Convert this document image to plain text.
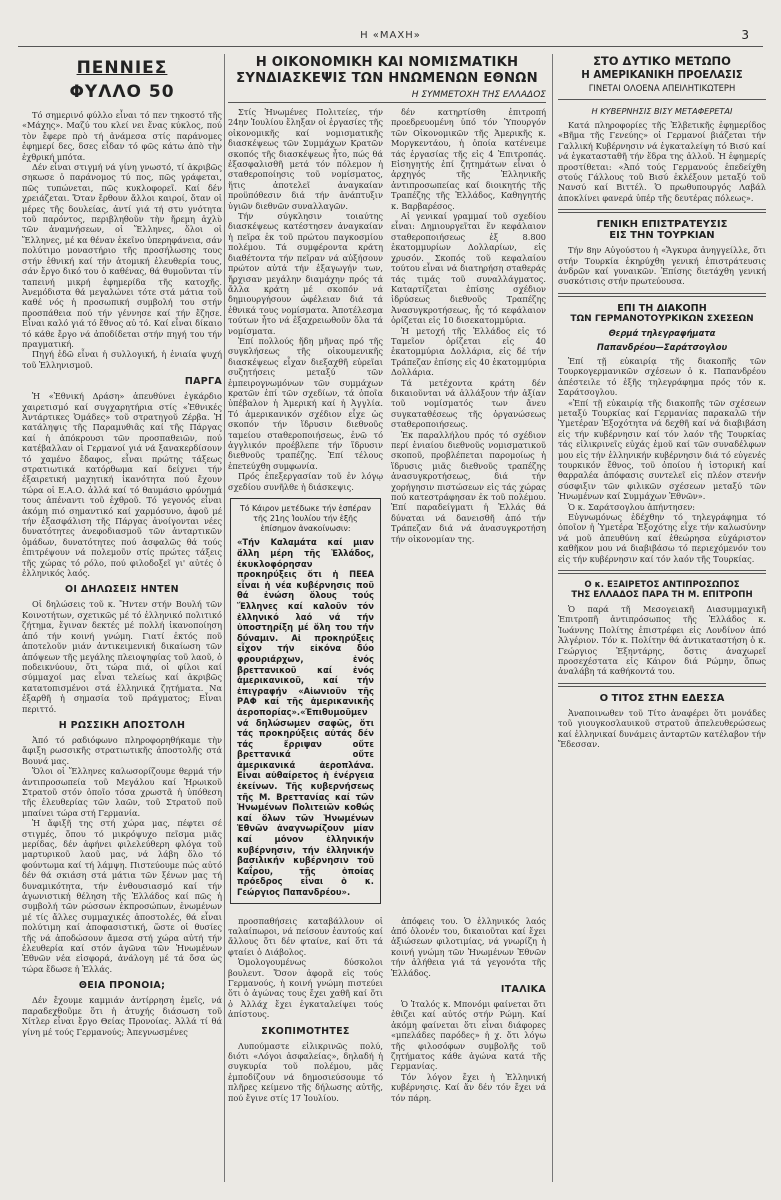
Η «ΜΑΧΗ»	3
ΠΕΝΝΙΕΣ
ΦΥΛΛΟ 50

Τό σημερινό φύλλο εἶναι τό πεν τηκοστό τῆς «Μάχης». Μαζύ του κλεί νει ἕνας κύκλος, πού τὸν ἔφερε πρὸ τή ἀνάμεσα στίς παράνομες ἐφημερί δες, δσες εἶδαν τό φῶς κάτω ἀπὸ τὴν ἐχθρική μπότα.

Δέν εἶναι στιγμή νά γίνη γνωστό, τί ἀκριβῶς σηκωσε ὁ παράνομος τύ πος, πῶς γράφεται, πῶς τυπώνεται, πῶς κυκλοφορεῖ. Καί δέν χρειάζεται. Ὅταν ἔρθουν ἄλλοι καιροί, ὅταν οἱ μέρες τῆς δουλείας, ἀντί γιά τή στυ γνότητα τοῦ παρόντος, περιβληθοῦν τὴν ἤρεμη ἀχλὺ τῶν ἀναμνήσεων, οἱ Ἕλληνες, ὅλοι οἱ Ἕλληνες, μέ κα θέναν ἐκεῖνο ὑπερηφάνεια, σάν πολύτιμο μοναστήριο τῆς προσήλωσης τους στήν ἐθνική καί τήν ἀτομική ἐλευθερία τους, σάν ἔργο δικό του ὁ καθένας, θά θυμοῦνται τίν ταπεινή μικρή ἐφημερίδα τῆς κατοχῆς. Ἀνεμόδιστα θά μεγαλώνει τότε στά μάτια τοῦ καθέ νός ἡ προσωπική συμβολή του στήν προσπάθεια πού τήν γέννησε καί τήν ἔζησε. Εἶναι καλό γιά τό ἔθνος αὐ τό. Καί εἶναι δίκαιο τό κάθε ἔργο νά ἀποδίδεται στήν πηγή του τήν πραγματική.

Πηγή ἐδῶ εἶναι ἡ συλλογική, ἡ ἐνιαία ψυχή τοῦ Ἑλληνισμοῦ.

ΠΑΡΓΑ

Ἡ «Ἐθνική Δράση» ἀπευθύνει ἐγκάρδιο χαιρετισμό καί συγχαρητήρια στίς «Ἐθνικές Ἀντάρτικες Ὁμάδες» τοῦ στρατηγοῦ Ζέρβα. Ἡ κατάληψις τῆς Παραμυθιᾶς καί τῆς Πάργας καί ἡ ἀπόκρουσι τῶν προσπαθειῶν, πού κατέβαλλαν οἱ Γερμανοί γιά νά ξανακερδίσουν τό χαμένο ἔδαφος, εἶναι πρώτης τάξεως στρατιωτικά κατόρθωμα καί δείχνει τήν ἐξαιρετική μαχητική ἱκανότητα πού ἔχουν τώρα οἱ Ε.Α.Ο. ἀλλά καί τό θαυμάσιο φρόνημά τους ἀπέναντι τοῦ ἐχθροῦ. Τό γεγονός εἶναι ἀκόμη πιό σημαντικό καί χαρμόσυνο, ἀφοῦ μέ τήν ἐξασφάλιση τῆς Πάργας ἀνοίγονται νέες δυνατότητες ἀνεφοδιασμοῦ τῶν ἀνταρτικῶν ὁμάδων, δυνατότητες πού ἀσφαλῶς θά τούς ἐπιτρέψουν νά πολεμοῦν στίς πρώτες τάξεις τῆς χώρας τό ρόλο, πού φιλοδοξεῖ γι' αὐτές ὁ ἑλληνικός λαός.

ΟΙ ΔΗΛΩΣΕΙΣ ΗΝΤΕΝ

Οἱ δηλώσεις τοῦ κ. Ἤντεν στήν Βουλή τῶν Κοινοτήτων, σχετικῶς μέ τό ἑλληνικό πολιτικό ζήτημα, ἔγιναν δεκτές μέ πολλή ἱκανοποίηση ἀπό τήν κοινή γνώμη. Γιατί ἐκτός ποῦ ἀποτελοῦν μιάν ἀντικειμενική δικαίωση τῶν ἀπόψεων τῆς μεγάλης πλειοψηφίας τοῦ λαοῦ, ὁ ποδεικνύουν, ὅτι τώρα πιά, οἱ φίλοι καί σύμμαχοί μας εἶναι τελείως καί ἀκριβῶς κατατοπισμένοι στά ἑλληνικά ζητήματα. Να ἐξαρθῆ ἡ σημασία τοῦ πράγματος; Εἶναι περιττό.

Η ΡΩΣΣΙΚΗ ΑΠΟΣΤΟΛΗ

Ἀπό τό ραδιόφωνο πληροφορηθήκαμε τὴν ἄφιξη ρωσσικῆς στρατιωτικῆς ἀποστολῆς στά Βουνά μας.

Ὅλοι οἱ Ἕλληνες καλωσορίζουμε θερμά τήν ἀντιπροσωπεία τοῦ Μεγάλου καί Ἡρωικοῦ Στρατοῦ στόν ὁποῖο τόσα χρωστᾶ ἡ ὑπόθεση τῆς ἐλευθερίας τῶν λαῶν, τοῦ Στρατοῦ ποῦ μπαίνει τώρα στή Γερμανία.

Ἡ ἄφιξῆ της στή χώρα μας, πέφτει σέ στιγμές, ὅπου τό μικρόψυχο πεῖσμα μιᾶς μερίδας, δέν ἀφήνει φιλελεύθερη φλόγα τοῦ μαρτυρικοῦ λαοῦ μας, νά λάβη ὅλο τό φούντωμα καί τή λάμψη. Πιστεύουμε πώς αὐτό δέν θά σκιάση στά μάτια τῶν ξένων μας τή δυναμικότητα, τήν ἐνθουσιασμό καί τήν ἀγωνιστική θέληση τῆς Ἑλλάδος καί πῶς ἡ συμβολή τῶν ρώσσων ἐκπροσώπων, ἑνωμένων μέ τίς ἄλλες συμμαχικές ἀποστολές, θά εἶναι πολύτιμη καί ἀποφασιστική, ὥστε οἱ θυσίες τῆς νά ἀποδώσουν ἄμεσα στή χώρα αὐτή τήν ἐλευθερία καί στόν ἀγῶνα τῶν Ἡνωμένων Ἐθνῶν νέα εἰσφορά, ἀνάλογη μέ τά ὅσα ὡς τώρα ἔδωσε ἡ Ἑλλάς.

ΘΕΙΑ ΠΡΟΝΟΙΑ;

Δέν ἔχουμε καμμιάν ἀντίρρηση ἐμεῖς, νά παραδεχθοῦμε ὅτι ἡ ἀτυχής διάσωση τοῦ Χίτλερ εἶναι ἔργο Θείας Προνοίας. Ἀλλά τί θά γίνη μέ τούς Γερμανούς; Ἀπεγνωσμένες

Η ΟΙΚΟΝΟΜΙΚΗ ΚΑΙ ΝΟΜΙΣΜΑΤΙΚΗ
ΣΥΝΔΙΑΣΚΕΨΙΣ ΤΩΝ ΗΝΩΜΕΝΩΝ ΕΘΝΩΝ
Η ΣΥΜΜΕΤΟΧΗ ΤΗΣ ΕΛΛΑΔΟΣ

Στίς Ἡνωμένες Πολιτείες, τήν 24ην Ἰουλίου ἔληξαν οἱ ἐργασίες τῆς οἰκονομικῆς καί νομισματικῆς διασκέψεως τῶν Συμμάχων Κρατῶν σκοπός τῆς διασκέψεως ἦτο, πώς θά ἐξασφαλισθῆ μετά τόν πόλεμον ἡ σταθεροποίησις τοῦ νομίσματος, ἥτις ἀποτελεῖ ἀναγκαίαν προϋπόθεσιν διά τήν ἀνάπτυξιν ὑγιῶν διεθνῶν συναλλαγῶν.

Τήν σύγκλησιν τοιαύτης διασκέψεως κατέστησεν ἀναγκαίαν ἡ πεῖρα ἐκ τοῦ πρώτου παγκοσμίου πολέμου. Τά συμφέροντα κράτη διαθέτοντα τήν πεῖραν νά αὐξήσουν πρώτον αὐτά τήν ἐξαγωγήν των, ἤρχισαν μεγάλην διαμάχην πρός τά ἄλλα κράτη μέ σκοπόν νά δημιουργήσουν ὠφέλειαν διά τά ἐθνικά τους νομίσματα. Ἀποτέλεσμα τούτων ἦτο νά ἐξαχρειωθοῦν ὅλα τά νομίσματα.

Ἐπί πολλούς ἤδη μῆνας πρό τῆς συγκλήσεως τῆς οἰκουμενικῆς διασκέψεως εἶχαν διεξαχθῆ εὐρεῖαι συζητήσεις μεταξύ τῶν ἐμπειρογνωμόνων τῶν συμμάχων κρατῶν ἐπί τῶν σχεδίων, τά ὁποῖα ὑπέβαλον ἡ Ἀμερική καί ἡ Ἀγγλία. Τό ἀμερικανικόν σχέδιον εἶχε ὡς σκοπόν τήν ἵδρυσιν διεθνοῦς ταμείου σταθεροποιήσεως, ἐνῶ τό ἀγγλικόν προέβλεπε τήν ἵδρυσιν διεθνοῦς τραπέζης. Ἐπί τέλους ἐπετεύχθη συμφωνία.

Πρός ἐπεξεργασίαν τοῦ ἐν λόγῳ σχεδίου συνῆλθε ἡ διάσκεψις.

Τό Κάιρον μετέδωκε τήν ἑσπέραν τῆς 21ης Ἰουλίου τήν ἑξῆς ἐπίσημον ἀνακοίνωσιν:
«Τήν Καλαμάτα καί μιαν ἄλλη μέρη τῆς Ἑλλάδος, ἐκυκλοφόρησαν προκηρύξεις ὅτι ἡ ΠΕΕΑ εἶναι ἡ νέα κυβέρνησις ποῦ θά ἑνώση ὅλους τούς Ἕλληνες καί καλοῦν τόν ἑλληνικό λαό νά τήν ὑποστηρίξη μέ ὅλη του τήν δύναμιν. Αἱ προκηρύξεις εἶχον τήν εἰκόνα δύο φρουριάρχων, ἑνός βρεττανικοῦ καί ἑνός ἀμερικανικοῦ, καί τήν ἐπιγραφήν «Αἰωνιοῦν τῆς ΡΑΦ καί τῆς ἀμερικανικῆς ἀεροπορίας».«Ἐπιθυμοῦμεν νά δηλώσωμεν σαφῶς, ὅτι τάς προκηρύξεις αὐτάς δέν τάς ἔρριψαν οὔτε βρεττανικά οὔτε ἀμερικανικά ἀεροπλάνα. Εἶναι αὐθαίρετος ἡ ἐνέργεια ἐκείνων. Τῆς κυβερνήσεως τῆς Μ. Βρεττανίας καί τῶν Ἡνωμένων Πολιτειῶν κοθώς καί ὅλων τῶν Ἡνωμένων Ἐθνῶν ἀναγνωρίζουν μίαν καί μόνον ἑλληνικήν κυβέρνησιν, τήν ἑλληνικήν βασιλικήν κυβέρνησιν τοῦ Καΐρου, τῆς ὁποίας πρόεδρος εἶναι ὁ κ. Γεώργιος Παπανδρέου».

δέν κατηρτίσθη ἐπιτροπή προεδρευομένη ὑπό τόν Ὑπουργόν τῶν Οἰκονομικῶν τῆς Ἀμερικῆς κ. Μοργκεντάου, ἡ ὁποία κατένειμε τάς ἐργασίας τῆς εἰς 4 Ἐπιτροπάς. Εἰσηγητής ἐπί ζητημάτων εἶναι ὁ ἀρχηγός τῆς Ἑλληνικῆς ἀντιπροσωπείας καί διοικητής τῆς Τραπέζης τῆς Ἑλλάδος, Καθηγητής κ. Βαρβαρέσος.

Αἱ γενικαί γραμμαί τοῦ σχεδίου εἶναι: Δημιουργεῖται ἕν κεφάλαιον σταθεροποιήσεως ἐξ 8.800 ἑκατομμυρίων Δολλαρίων, εἰς χρυσόν. Σκοπός τοῦ κεφαλαίου τούτου εἶναι νά διατηρήση σταθεράς τάς τιμάς τοῦ συναλλάγματος. Καταρτίζεται ἐπίσης σχέδιον ἱδρύσεως διεθνοῦς Τραπέζης Ἀνασυγκροτήσεως, ἧς τό κεφάλαιον ὁρίζεται εἰς 10 δισεκατομμύρια.

Ἡ μετοχή τῆς Ἑλλάδος εἰς τό Ταμεῖον ὁρίζεται εἰς 40 ἑκατομμύρια Δολλάρια, εἰς δέ τήν Τράπεζαν ἐπίσης εἰς 40 ἑκατομμύρια Δολλάρια.

Τά μετέχοντα κράτη δέν δικαιοῦνται νά ἀλλάξουν τήν ἀξίαν τοῦ νομίσματός των ἄνευ συγκαταθέσεως τῆς ὀργανώσεως σταθεροποιήσεως.

Ἐκ παραλλήλου πρός τό σχέδιον περί ἑνιαίου διεθνοῦς νομισματικοῦ σκοποῦ, προβλέπεται παρομοίως ἡ ἵδρυσις μιᾶς διεθνοῦς τραπέζης ἀνασυγκροτήσεως, διά τήν χορήγησιν πιστώσεων εἰς τάς χώρας πού κατεστράφησαν ἐκ τοῦ πολέμου. Ἐπί παραδείγματι ἡ Ἑλλάς θά δύναται νά δανεισθῆ ἀπό τήν Τράπεζαν διά νά ἀνασυγκροτήση τήν οἰκονομίαν της.

προσπαθήσεις καταβάλλουν οἱ ταλαίπωροι, νά πείσουν ἑαυτούς καί ἄλλους ὅτι δέν φταίνε, καί ὅτι τά φταίει ὁ Διάβολος.

Ὁμολογουμένως δύσκολοι βουλευτ. Ὅσον ἀφορᾶ εἰς τούς Γερμανούς, ἡ κοινή γνώμη πιστεύει ὅτι ὁ ἀγώνας τους ἔχει χαθῆ καί ὅτι ὁ Ἀλλάχ ἔχει ἐγκαταλείψει τούς ἀπίστους.

ΣΚΟΠΙΜΟΤΗΤΕΣ

Λυπούμαστε εἰλικρινῶς πολύ, διότι «Λόγοι ἀσφαλείας», δηλαδή ἡ συγκυρία τοῦ πολέμου, μᾶς ἐμποδίζουν νά δημοσιεύσουμε τό πλῆρες κείμενο τῆς δήλωσης αὐτῆς, πού ἔγινε στίς 17 Ἰουλίου.

ἀπόφεις του. Ὁ ἑλληνικός λαός ἀπό ὁλονέν του, δικαιοῦται καί ἔχει ἀξιώσεων φιλοτιμίας, νά γνωρίζη ἡ κοινή γνώμη τῶν Ἡνωμένων Ἐθνῶν τήν ἀλήθεια γιά τά γεγονότα τῆς Ἑλλάδος.

ΙΤΑΛΙΚΑ

Ὁ Ἰταλός κ. Μπονόμι φαίνεται ὅτι ἐθιζει καί αὐτός στήν Ρώμη. Καί ἀκόμη φαίνεται ὅτι εἶναι διάφορες «μπελάδες παρόδες» ἡ χ. ὅτι λόγω τῆς φιλοσόφων συμβολῆς τοῦ ζητήματος κάθε ἀγώνα κατά τῆς Γερμανίας.

Τόν λόγον ἔχει ἡ Ἑλληνική κυβέρνησις. Καί ἄν δέν τόν ἔχει νά τόν πάρη.

ΣΤΟ ΔΥΤΙΚΟ ΜΕΤΩΠΟ
Η ΑΜΕΡΙΚΑΝΙΚΗ ΠΡΟΕΛΑΣΙΣ
ΓΙΝΕΤΑΙ ΟΛΟΕΝΑ ΑΠΕΙΛΗΤΙΚΩΤΕΡΗ
Η ΚΥΒΕΡΝΗΣΙΣ ΒΙΣΥ ΜΕΤΑΦΕΡΕΤΑΙ

Κατά πληροφορίες τῆς Ἐλβετικῆς ἐφημερίδος «Βῆμα τῆς Γενεύης» οἱ Γερμανοί βιάζεται τήν Γαλλική Κυβέρνησιν νά ἐγκαταλείψη τό Βισύ καί νά ἐγκατασταθῆ τήν ἕδρα της ἀλλοῦ. Ἡ ἐφημερίς προστίθεται: «Ἀπό τούς Γερμανούς ἐπεδείχθη στούς Γάλλους τοῦ Βισύ ἐκλέξουν μεταξύ τοῦ Νανσύ καί Βιττέλ. Ὁ πρωθυπουργός Λαβάλ ἀποκλίνει φανερά ὑπέρ τῆς δευτέρας πόλεως».

ΓΕΝΙΚΗ ΕΠΙΣΤΡΑΤΕΥΣΙΣ
ΕΙΣ ΤΗΝ ΤΟΥΡΚΙΑΝ

Τήν 8ην Αὐγούστου ἡ «Ἄγκυρα ἀνηγγείλλε, ὅτι στήν Τουρκία ἐκηρύχθη γενική ἐπιστράτευσις ἀνδρῶν καί γυναικῶν. Ἐπίσης διετάχθη γενική συσκότισις στήν πρωτεύουσα.

ΕΠΙ ΤΗ ΔΙΑΚΟΠΗ
ΤΩΝ ΓΕΡΜΑΝΟΤΟΥΡΚΙΚΩΝ ΣΧΕΣΕΩΝ
Θερμά τηλεγραφήματα
Παπανδρέου—Σαράτσογλου

Ἐπί τῇ εὐκαιρίᾳ τῆς διακοπῆς τῶν Τουρκογερμανικῶν σχέσεων ὁ κ. Παπανδρέου ἀπέστειλε τό ἑξῆς τηλεγράφημα πρός τόν κ. Σαράτσογλου.

«Ἐπί τῇ εὐκαιρίᾳ τῆς διακοπῆς τῶν σχέσεων μεταξύ Τουρκίας καί Γερμανίας παρακαλῶ τήν Ὑμετέραν Ἐξοχότητα νά δεχθῆ καί νά διαβιβάση εἰς τήν κυβέρνησιν καί τόν λαόν τῆς Τουρκίας τάς εἰλικρινεῖς εὐχάς ἐμοῦ καί τῶν συναδέλφων μου εἰς τήν ἑλληνικήν κυβέρνησιν διά τό εὐγενές τουρκικόν ἔθνος, τοῦ ὁποίου ἡ ἱστορική καί θαρραλέα ἀπόφασις συντελεῖ εἰς πλέον στενήν σύσφιξιν τῶν φιλικῶν σχέσεων μεταξύ τῶν Ἡνωμένων καί Συμμάχων Ἐθνῶν».

Ὁ κ. Σαράτσογλου ἀπήντησεν:

Εὐγνωμόνως ἐδέχθην τό τηλεγράφημα τό ὁποῖον ἡ Ὑμετέρα Ἐξοχότης εἶχε τήν καλωσύνην νά μοῦ ἀπευθύνη καί ἐθεώρησα εὐχάριστον καθῆκον μου νά διαβιβάσω τό περιεχόμενόν του εἰς τήν κυβέρνησιν καί τόν λαόν τῆς Τουρκίας.

Ο κ. ΕΞΑΙΡΕΤΟΣ ΑΝΤΙΠΡΟΣΩΠΟΣ
ΤΗΣ ΕΛΛΑΔΟΣ ΠΑΡΑ ΤΗ Μ. ΕΠΙΤΡΟΠΗ

Ὁ παρά τῆ Μεσογειακῆ Διασυμμαχικῆ Ἐπιτροπῆ ἀντιπρόσωπος τῆς Ἑλλάδος κ. Ἰωάννης Πολίτης ἐπιστρέφει εἰς Λονδίνον ἀπό Ἀλγέριον. Τόν κ. Πολίτην θά ἀντικαταστήση ὁ κ. Γεώργιος Ἐξηντάρης, ὅστις ἀναχωρεῖ προσεχέστατα εἰς Κάιρον διά Ρώμην, ὅπως ἀναλάβη τά καθήκοντά του.

Ο ΤΙΤΟΣ ΣΤΗΝ ΕΔΕΣΣΑ

Ἀναποινωθεν τοῦ Τίτο ἀναφέρει ὅτι μονάδες τοῦ γιουγκοσλαυικοῦ στρατοῦ ἀπελευθερώσεως καί ἑλληνικαί δυνάμεις ἀνταρτῶν κατέλαβον τήν Ἔδεσσαν.
